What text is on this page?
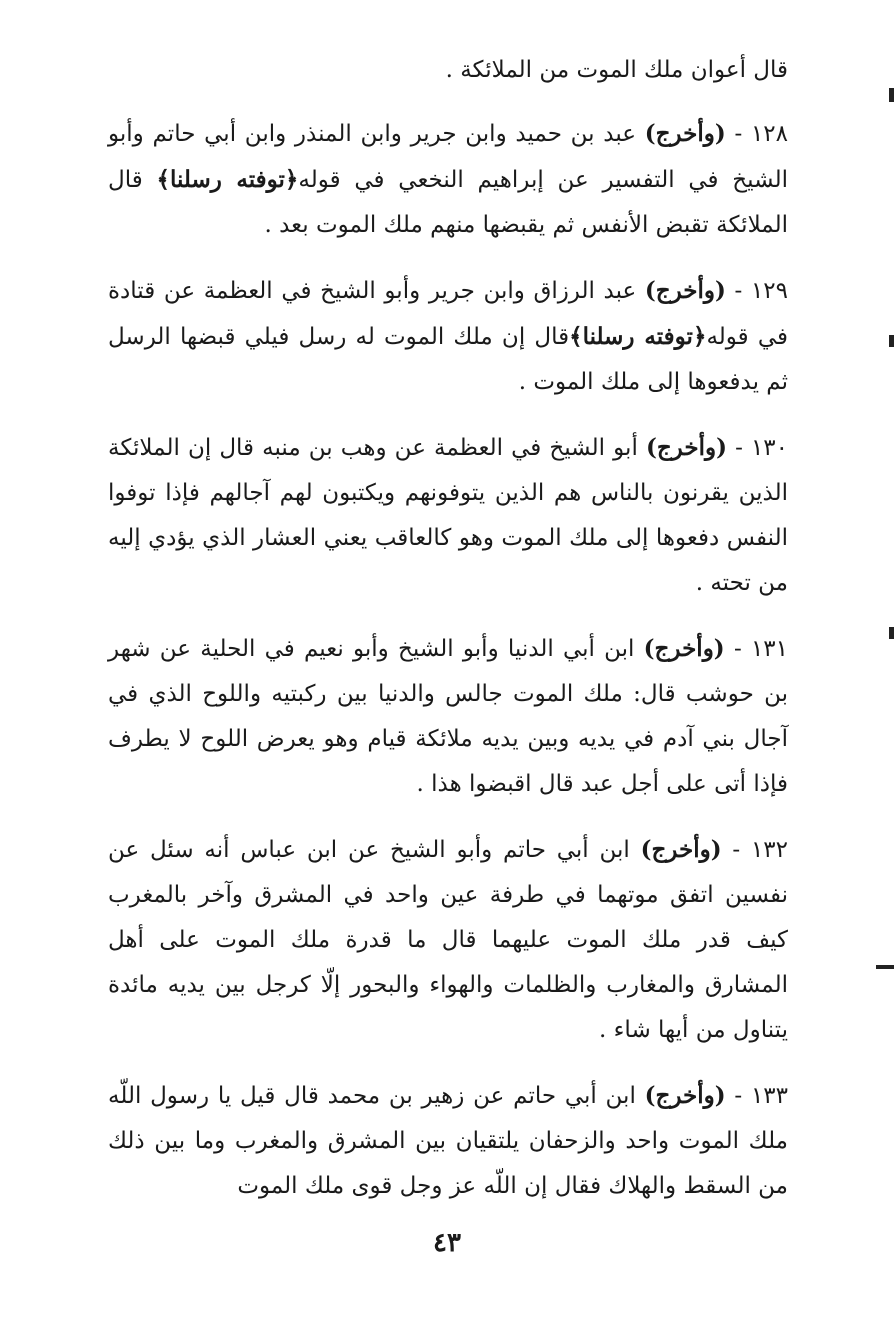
قال أعوان ملك الموت من الملائكة .

١٢٨ - (وأخرج) عبد بن حميد وابن جرير وابن المنذر وابن أبي حاتم وأبو الشيخ في التفسير عن إبراهيم النخعي في قوله﴿توفته رسلنا﴾ قال الملائكة تقبض الأنفس ثم يقبضها منهم ملك الموت بعد .

١٢٩ - (وأخرج) عبد الرزاق وابن جرير وأبو الشيخ في العظمة عن قتادة في قوله﴿توفته رسلنا﴾قال إن ملك الموت له رسل فيلي قبضها الرسل ثم يدفعوها إلى ملك الموت .

١٣٠ - (وأخرج) أبو الشيخ في العظمة عن وهب بن منبه قال إن الملائكة الذين يقرنون بالناس هم الذين يتوفونهم ويكتبون لهم آجالهم فإذا توفوا النفس دفعوها إلى ملك الموت وهو كالعاقب يعني العشار الذي يؤدي إليه من تحته .

١٣١ - (وأخرج) ابن أبي الدنيا وأبو الشيخ وأبو نعيم في الحلية عن شهر بن حوشب قال: ملك الموت جالس والدنيا بين ركبتيه واللوح الذي في آجال بني آدم في يديه وبين يديه ملائكة قيام وهو يعرض اللوح لا يطرف فإذا أتى على أجل عبد قال اقبضوا هذا .

١٣٢ - (وأخرج) ابن أبي حاتم وأبو الشيخ عن ابن عباس أنه سئل عن نفسين اتفق موتهما في طرفة عين واحد في المشرق وآخر بالمغرب كيف قدر ملك الموت عليهما قال ما قدرة ملك الموت على أهل المشارق والمغارب والظلمات والهواء والبحور إلّا كرجل بين يديه مائدة يتناول من أيها شاء .

١٣٣ - (وأخرج) ابن أبي حاتم عن زهير بن محمد قال قيل يا رسول اللّه ملك الموت واحد والزحفان يلتقيان بين المشرق والمغرب وما بين ذلك من السقط والهلاك فقال إن اللّه عز وجل قوى ملك الموت

٤٣
